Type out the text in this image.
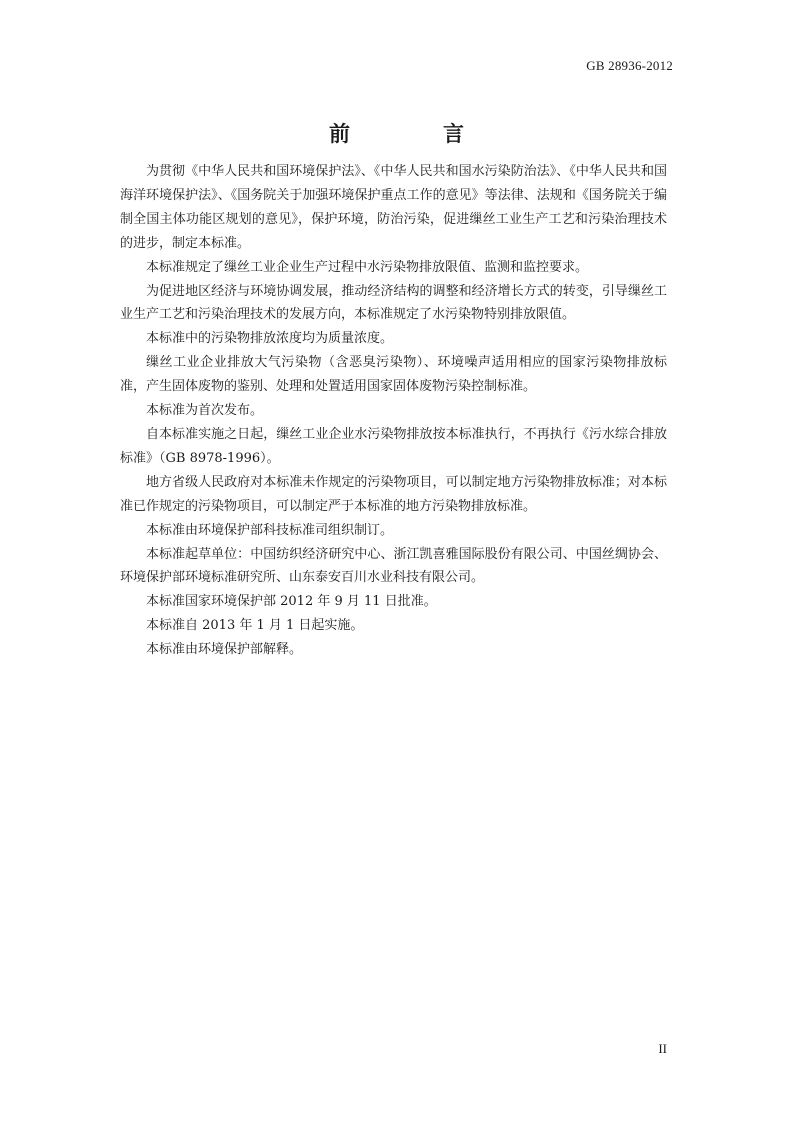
GB 28936-2012
前　言

为贯彻《中华人民共和国环境保护法》、《中华人民共和国水污染防治法》、《中华人民共和国海洋环境保护法》、《国务院关于加强环境保护重点工作的意见》等法律、法规和《国务院关于编制全国主体功能区规划的意见》，保护环境，防治污染，促进缫丝工业生产工艺和污染治理技术的进步，制定本标准。

本标准规定了缫丝工业企业生产过程中水污染物排放限值、监测和监控要求。

为促进地区经济与环境协调发展，推动经济结构的调整和经济增长方式的转变，引导缫丝工业生产工艺和污染治理技术的发展方向，本标准规定了水污染物特别排放限值。

本标准中的污染物排放浓度均为质量浓度。

缫丝工业企业排放大气污染物（含恶臭污染物）、环境噪声适用相应的国家污染物排放标准，产生固体废物的鉴别、处理和处置适用国家固体废物污染控制标准。

本标准为首次发布。

自本标准实施之日起，缫丝工业企业水污染物排放按本标准执行，不再执行《污水综合排放标准》（GB 8978-1996）。

地方省级人民政府对本标准未作规定的污染物项目，可以制定地方污染物排放标准；对本标准已作规定的污染物项目，可以制定严于本标准的地方污染物排放标准。

本标准由环境保护部科技标准司组织制订。

本标准起草单位：中国纺织经济研究中心、浙江凯喜雅国际股份有限公司、中国丝绸协会、环境保护部环境标准研究所、山东泰安百川水业科技有限公司。

本标准国家环境保护部 2012 年 9 月 11 日批准。

本标准自 2013 年 1 月 1 日起实施。

本标准由环境保护部解释。

II
